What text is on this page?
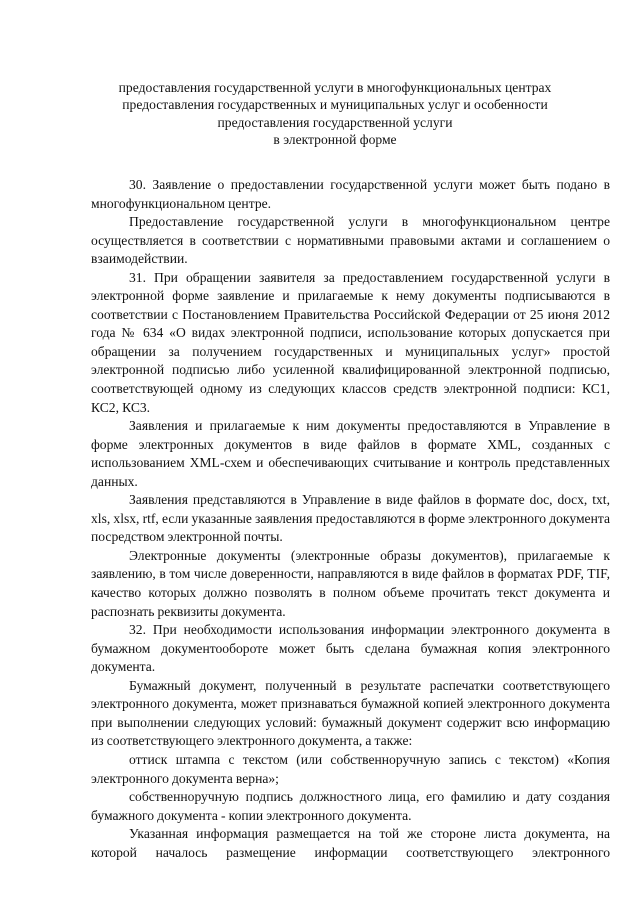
предоставления государственной услуги в многофункциональных центрах
предоставления государственных и муниципальных услуг и особенности
предоставления государственной услуги
в электронной форме

30. Заявление о предоставлении государственной услуги может быть подано в многофункциональном центре.

Предоставление государственной услуги в многофункциональном центре осуществляется в соответствии с нормативными правовыми актами и соглашением о взаимодействии.

31. При обращении заявителя за предоставлением государственной услуги в электронной форме заявление и прилагаемые к нему документы подписываются в соответствии с Постановлением Правительства Российской Федерации от 25 июня 2012 года № 634 «О видах электронной подписи, использование которых допускается при обращении за получением государственных и муниципальных услуг» простой электронной подписью либо усиленной квалифицированной электронной подписью, соответствующей одному из следующих классов средств электронной подписи: КС1, КС2, КС3.

Заявления и прилагаемые к ним документы предоставляются в Управление в форме электронных документов в виде файлов в формате XML, созданных с использованием XML-схем и обеспечивающих считывание и контроль представленных данных.

Заявления представляются в Управление в виде файлов в формате doc, docx, txt, xls, xlsx, rtf, если указанные заявления предоставляются в форме электронного документа посредством электронной почты.

Электронные документы (электронные образы документов), прилагаемые к заявлению, в том числе доверенности, направляются в виде файлов в форматах PDF, TIF, качество которых должно позволять в полном объеме прочитать текст документа и распознать реквизиты документа.

32. При необходимости использования информации электронного документа в бумажном документообороте может быть сделана бумажная копия электронного документа.

Бумажный документ, полученный в результате распечатки соответствующего электронного документа, может признаваться бумажной копией электронного документа при выполнении следующих условий: бумажный документ содержит всю информацию из соответствующего электронного документа, а также:

оттиск штампа с текстом (или собственноручную запись с текстом) «Копия электронного документа верна»;

собственноручную подпись должностного лица, его фамилию и дату создания бумажного документа - копии электронного документа.

Указанная информация размещается на той же стороне листа документа, на которой началось размещение информации соответствующего электронного
